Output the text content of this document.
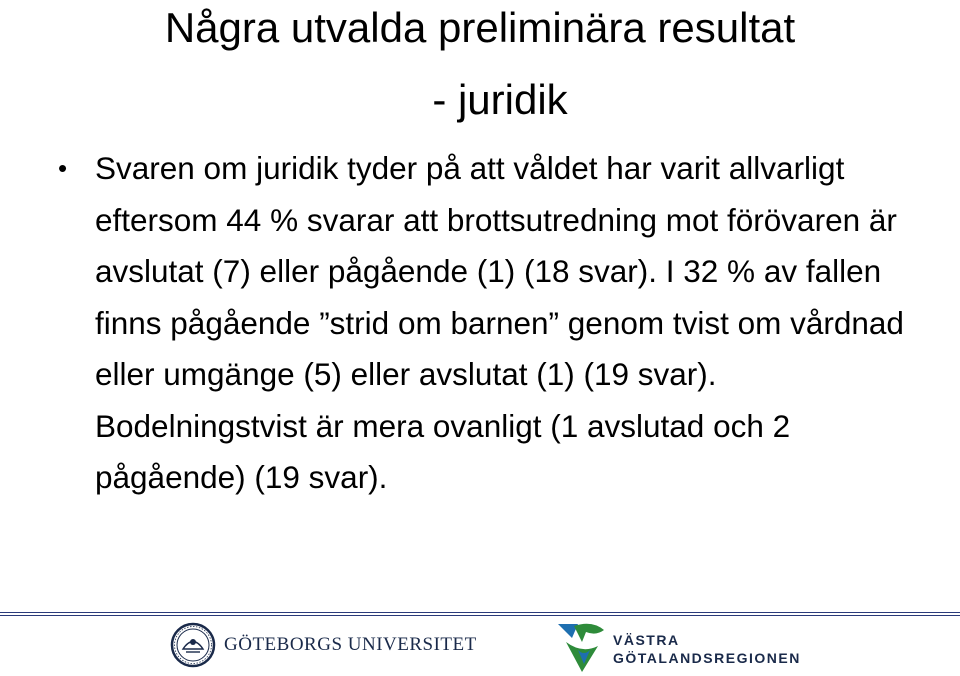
Några utvalda preliminära resultat
- juridik
• Svaren om juridik tyder på att våldet har varit allvarligt eftersom 44 % svarar att brottsutredning mot förövaren är avslutat (7) eller pågående (1) (18 svar). I 32 % av fallen finns pågående ”strid om barnen” genom tvist om vårdnad eller umgänge (5) eller avslutat (1) (19 svar). Bodelningstvist är mera ovanligt (1 avslutad och 2 pågående) (19 svar).

GÖTEBORGS UNIVERSITET	VÄSTRA
GÖTALANDSREGIONEN
